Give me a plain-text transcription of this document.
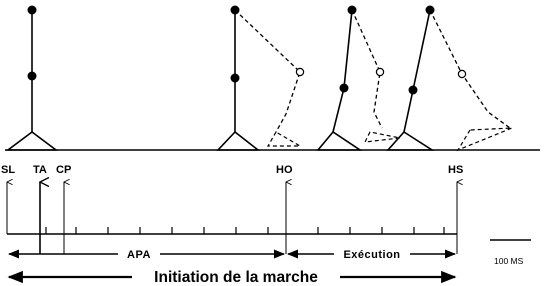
SL TA CP	HO	HS
100 MS
APA	Exécution
Initiation de la marche
